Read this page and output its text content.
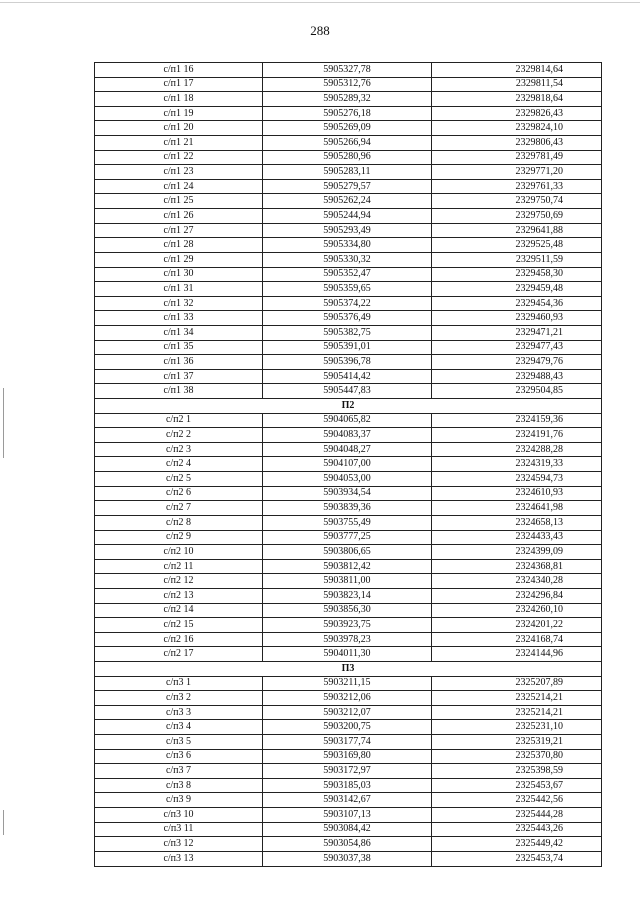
288
с/п1 16	5905327,78	2329814,64
с/п1 17	5905312,76	2329811,54
с/п1 18	5905289,32	2329818,64
с/п1 19	5905276,18	2329826,43
с/п1 20	5905269,09	2329824,10
с/п1 21	5905266,94	2329806,43
с/п1 22	5905280,96	2329781,49
с/п1 23	5905283,11	2329771,20
с/п1 24	5905279,57	2329761,33
с/п1 25	5905262,24	2329750,74
с/п1 26	5905244,94	2329750,69
с/п1 27	5905293,49	2329641,88
с/п1 28	5905334,80	2329525,48
с/п1 29	5905330,32	2329511,59
с/п1 30	5905352,47	2329458,30
с/п1 31	5905359,65	2329459,48
с/п1 32	5905374,22	2329454,36
с/п1 33	5905376,49	2329460,93
с/п1 34	5905382,75	2329471,21
с/п1 35	5905391,01	2329477,43
с/п1 36	5905396,78	2329479,76
с/п1 37	5905414,42	2329488,43
с/п1 38	5905447,83	2329504,85
П2		
с/п2 1	5904065,82	2324159,36
с/п2 2	5904083,37	2324191,76
с/п2 3	5904048,27	2324288,28
с/п2 4	5904107,00	2324319,33
с/п2 5	5904053,00	2324594,73
с/п2 6	5903934,54	2324610,93
с/п2 7	5903839,36	2324641,98
с/п2 8	5903755,49	2324658,13
с/п2 9	5903777,25	2324433,43
с/п2 10	5903806,65	2324399,09
с/п2 11	5903812,42	2324368,81
с/п2 12	5903811,00	2324340,28
с/п2 13	5903823,14	2324296,84
с/п2 14	5903856,30	2324260,10
с/п2 15	5903923,75	2324201,22
с/п2 16	5903978,23	2324168,74
с/п2 17	5904011,30	2324144,96
П3		
с/п3 1	5903211,15	2325207,89
с/п3 2	5903212,06	2325214,21
с/п3 3	5903212,07	2325214,21
с/п3 4	5903200,75	2325231,10
с/п3 5	5903177,74	2325319,21
с/п3 6	5903169,80	2325370,80
с/п3 7	5903172,97	2325398,59
с/п3 8	5903185,03	2325453,67
с/п3 9	5903142,67	2325442,56
с/п3 10	5903107,13	2325444,28
с/п3 11	5903084,42	2325443,26
с/п3 12	5903054,86	2325449,42
с/п3 13	5903037,38	2325453,74
